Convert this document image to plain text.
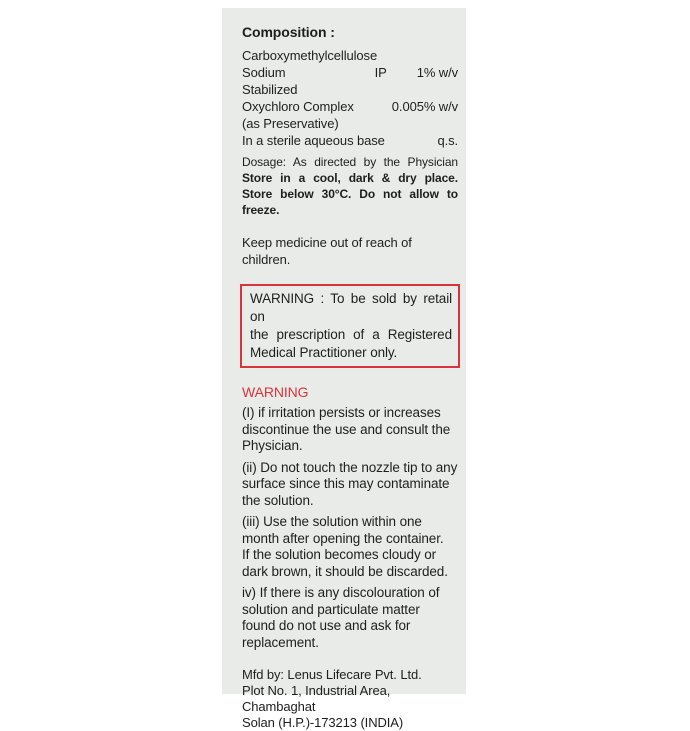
Composition :
Carboxymethylcellulose
Sodium	IP 1% w/v
Stabilized
Oxychloro Complex	0.005% w/v
(as Preservative)
In a sterile aqueous base	q.s.
Dosage: As directed by the Physician
Store in a cool, dark & dry place.
Store below 30°C. Do not allow to freeze.
Keep medicine out of reach of children.
WARNING : To be sold by retail on
the prescription of a Registered
Medical Practitioner only.
WARNING
(I) if irritation persists or increases
discontinue the use and consult the
Physician.
(ii) Do not touch the nozzle tip to any
surface since this may contaminate
the solution.
(iii) Use the solution within one
month after opening the container.
If the solution becomes cloudy or
dark brown, it should be discarded.
iv) If there is any discolouration of
solution and particulate matter
found do not use and ask for
replacement.
Mfd by: Lenus Lifecare Pvt. Ltd.
Plot No. 1, Industrial Area, Chambaghat
Solan (H.P.)-173213 (INDIA)
